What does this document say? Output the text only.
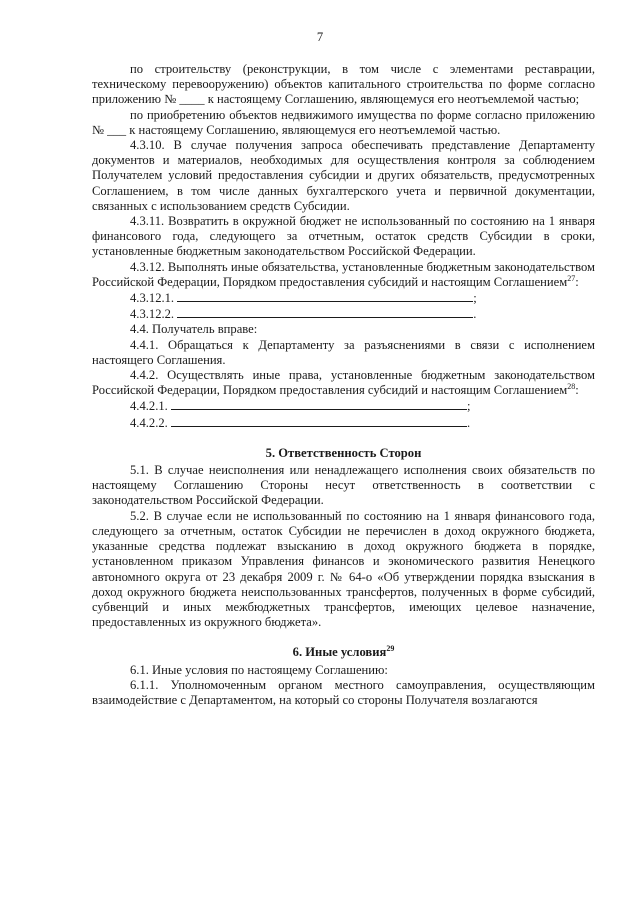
7

по строительству (реконструкции, в том числе с элементами реставрации, техническому перевооружению) объектов капитального строительства по форме согласно приложению № ____ к настоящему Соглашению, являющемуся его неотъемлемой частью;

по приобретению объектов недвижимого имущества по форме согласно приложению № ___ к настоящему Соглашению, являющемуся его неотъемлемой частью.

4.3.10. В случае получения запроса обеспечивать представление Департаменту документов и материалов, необходимых для осуществления контроля за соблюдением Получателем условий предоставления субсидии и других обязательств, предусмотренных Соглашением, в том числе данных бухгалтерского учета и первичной документации, связанных с использованием средств Субсидии.

4.3.11. Возвратить в окружной бюджет не использованный по состоянию на 1 января финансового года, следующего за отчетным, остаток средств Субсидии в сроки, установленные бюджетным законодательством Российской Федерации.

4.3.12. Выполнять иные обязательства, установленные бюджетным законодательством Российской Федерации, Порядком предоставления субсидий и настоящим Соглашением$^{27}$:

4.3.12.1.	;

4.3.12.2.	.

4.4. Получатель вправе:

4.4.1. Обращаться к Департаменту за разъяснениями в связи с исполнением настоящего Соглашения.

4.4.2. Осуществлять иные права, установленные бюджетным законодательством Российской Федерации, Порядком предоставления субсидий и настоящим Соглашением$^{28}$:

4.4.2.1.	;

4.4.2.2.	.

5. Ответственность Сторон

5.1. В случае неисполнения или ненадлежащего исполнения своих обязательств по настоящему Соглашению Стороны несут ответственность в соответствии с законодательством Российской Федерации.

5.2. В случае если не использованный по состоянию на 1 января финансового года, следующего за отчетным, остаток Субсидии не перечислен в доход окружного бюджета, указанные средства подлежат взысканию в доход окружного бюджета в порядке, установленном приказом Управления финансов и экономического развития Ненецкого автономного округа от 23 декабря 2009 г. № 64-о «Об утверждении порядка взыскания в доход окружного бюджета неиспользованных трансфертов, полученных в форме субсидий, субвенций и иных межбюджетных трансфертов, имеющих целевое назначение, предоставленных из окружного бюджета».

6. Иные условия$^{29}$

6.1. Иные условия по настоящему Соглашению:

6.1.1. Уполномоченным органом местного самоуправления, осуществляющим взаимодействие с Департаментом, на который со стороны Получателя возлагаются
